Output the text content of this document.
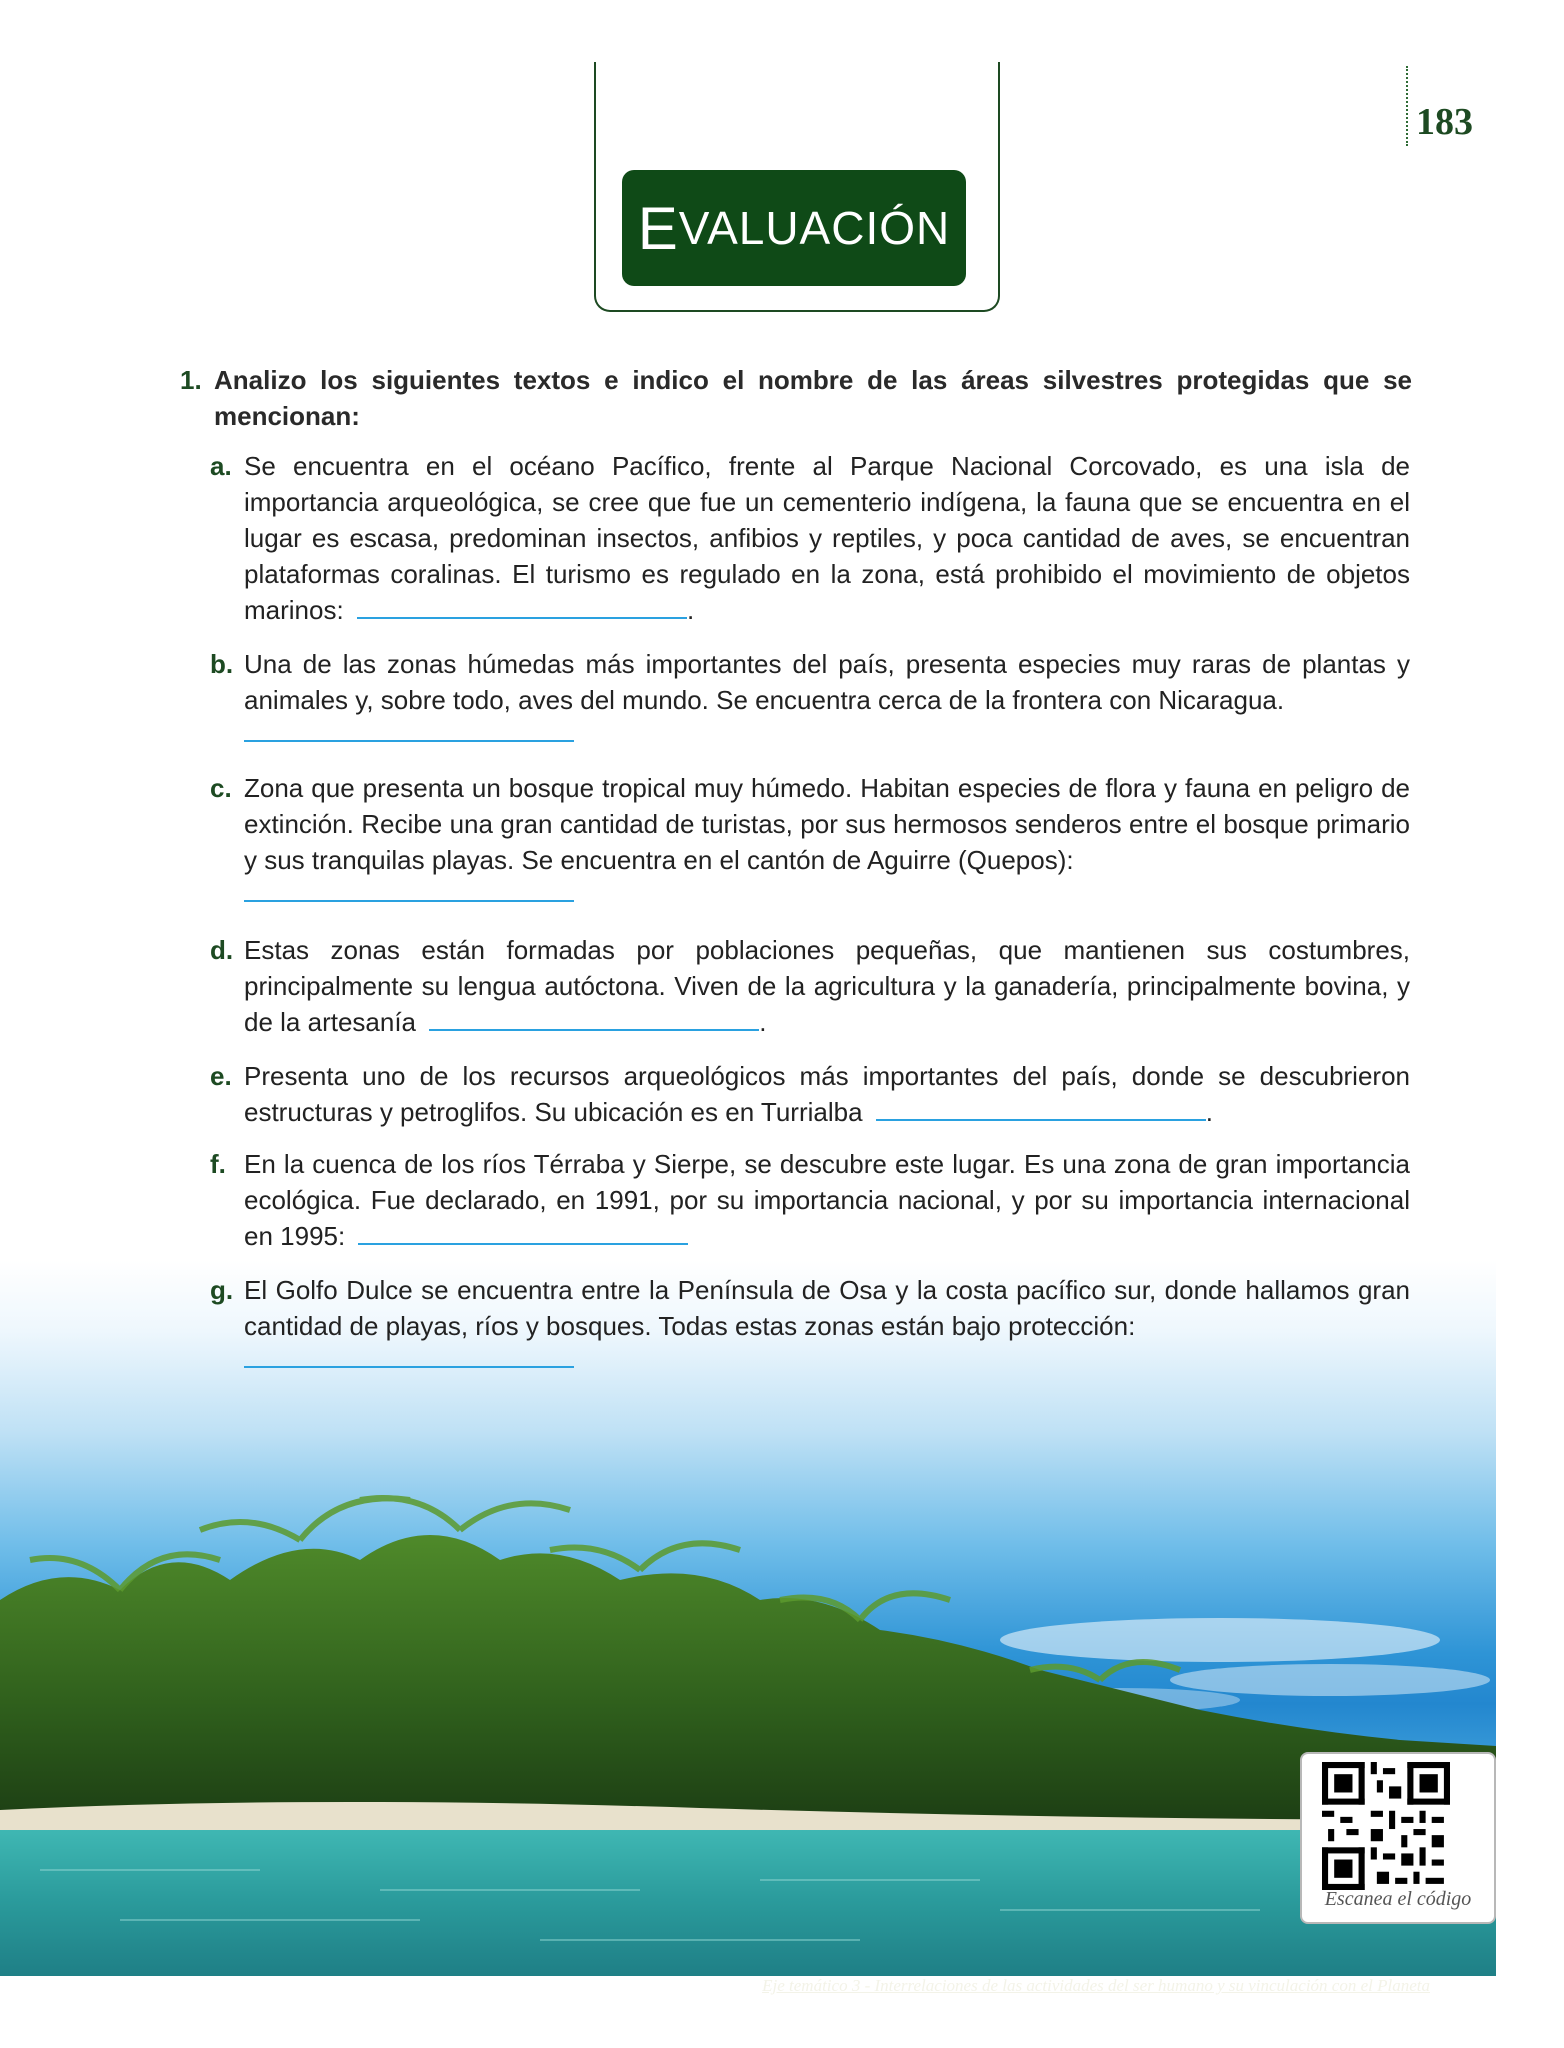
E VALUACIÓN
183
1. Analizo los siguientes textos e indico el nombre de las áreas silvestres protegidas que se mencionan:
a. Se encuentra en el océano Pacífico, frente al Parque Nacional Corcovado, es una isla de importancia arqueológica, se cree que fue un cementerio indígena, la fauna que se encuentra en el lugar es escasa, predominan insectos, anfibios y reptiles, y poca cantidad de aves, se encuentran plataformas coralinas. El turismo es regulado en la zona, está prohibido el movimiento de objetos marinos:	.
b. Una de las zonas húmedas más importantes del país, presenta especies muy raras de plantas y animales y, sobre todo, aves del mundo. Se encuentra cerca de la frontera con Nicaragua.
c. Zona que presenta un bosque tropical muy húmedo. Habitan especies de flora y fauna en peligro de extinción. Recibe una gran cantidad de turistas, por sus hermosos senderos entre el bosque primario y sus tranquilas playas. Se encuentra en el cantón de Aguirre (Quepos):
d. Estas zonas están formadas por poblaciones pequeñas, que mantienen sus costumbres, principalmente su lengua autóctona. Viven de la agricultura y la ganadería, principalmente bovina, y de la artesanía	.
e. Presenta uno de los recursos arqueológicos más importantes del país, donde se descubrieron estructuras y petroglifos. Su ubicación es en Turrialba	.
f. En la cuenca de los ríos Térraba y Sierpe, se descubre este lugar. Es una zona de gran importancia ecológica. Fue declarado, en 1991, por su importancia nacional, y por su importancia internacional en 1995:
g. El Golfo Dulce se encuentra entre la Península de Osa y la costa pacífico sur, donde hallamos gran cantidad de playas, ríos y bosques. Todas estas zonas están bajo protección:
Escanea el código
Eje temático 3 - Interrelaciones de las actividades del ser humano y su vinculación con el Planeta
